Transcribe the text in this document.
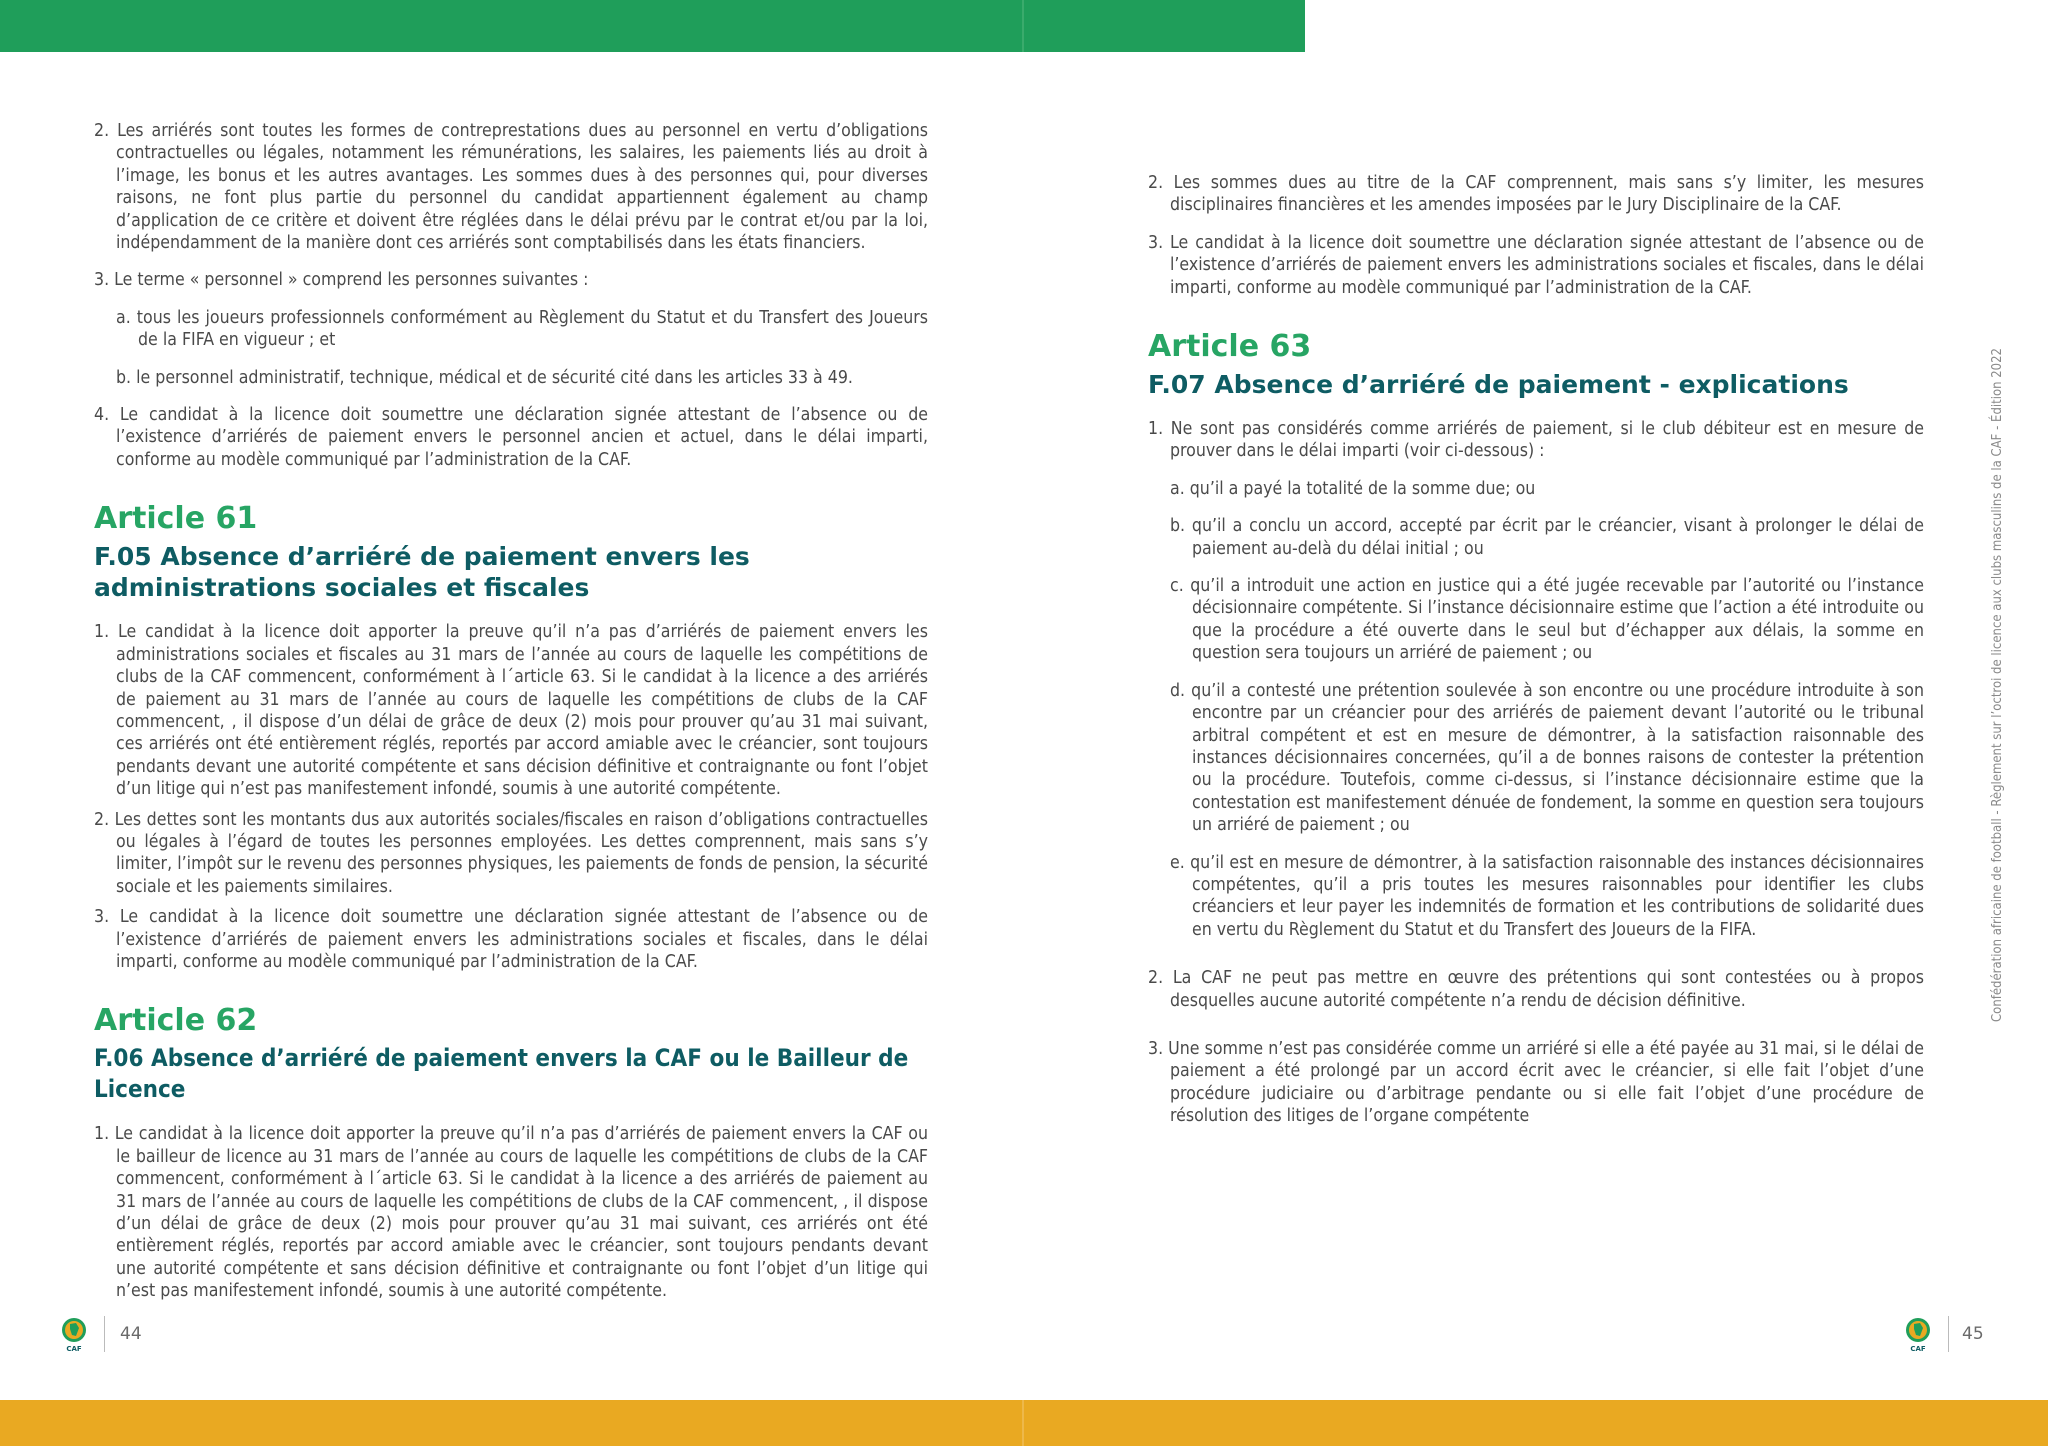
2. Les arriérés sont toutes les formes de contreprestations dues au personnel en vertu d’obligations contractuelles ou légales, notamment les rémunérations, les salaires, les paiements liés au droit à l’image, les bonus et les autres avantages. Les sommes dues à des personnes qui, pour diverses raisons, ne font plus partie du personnel du candidat appartiennent également au champ d’application de ce critère et doivent être réglées dans le délai prévu par le contrat et/ou par la loi, indépendamment de la manière dont ces arriérés sont comptabilisés dans les états financiers.

3. Le terme « personnel » comprend les personnes suivantes :

a. tous les joueurs professionnels conformément au Règlement du Statut et du Transfert des Joueurs de la FIFA en vigueur ; et

b. le personnel administratif, technique, médical et de sécurité cité dans les articles 33 à 49.

4. Le candidat à la licence doit soumettre une déclaration signée attestant de l’absence ou de l’existence d’arriérés de paiement envers le personnel ancien et actuel, dans le délai imparti, conforme au modèle communiqué par l’administration de la CAF.

Article 61
F.05 Absence d’arriéré de paiement envers les administrations sociales et fiscales

1. Le candidat à la licence doit apporter la preuve qu’il n’a pas d’arriérés de paiement envers les administrations sociales et fiscales au 31 mars de l’année au cours de laquelle les compétitions de clubs de la CAF commencent, conformément à l´article 63. Si le candidat à la licence a des arriérés de paiement au 31 mars de l’année au cours de laquelle les compétitions de clubs de la CAF commencent, , il dispose d’un délai de grâce de deux (2) mois pour prouver qu’au 31 mai suivant, ces arriérés ont été entièrement réglés, reportés par accord amiable avec le créancier, sont toujours pendants devant une autorité compétente et sans décision définitive et contraignante ou font l’objet d’un litige qui n’est pas manifestement infondé, soumis à une autorité compétente.

2. Les dettes sont les montants dus aux autorités sociales/fiscales en raison d’obligations contractuelles ou légales à l’égard de toutes les personnes employées. Les dettes comprennent, mais sans s’y limiter, l’impôt sur le revenu des personnes physiques, les paiements de fonds de pension, la sécurité sociale et les paiements similaires.

3. Le candidat à la licence doit soumettre une déclaration signée attestant de l’absence ou de l’existence d’arriérés de paiement envers les administrations sociales et fiscales, dans le délai imparti, conforme au modèle communiqué par l’administration de la CAF.

Article 62
F.06 Absence d’arriéré de paiement envers la CAF ou le Bailleur de Licence

1. Le candidat à la licence doit apporter la preuve qu’il n’a pas d’arriérés de paiement envers la CAF ou le bailleur de licence au 31 mars de l’année au cours de laquelle les compétitions de clubs de la CAF commencent, conformément à l´article 63. Si le candidat à la licence a des arriérés de paiement au 31 mars de l’année au cours de laquelle les compétitions de clubs de la CAF commencent, , il dispose d’un délai de grâce de deux (2) mois pour prouver qu’au 31 mai suivant, ces arriérés ont été entièrement réglés, reportés par accord amiable avec le créancier, sont toujours pendants devant une autorité compétente et sans décision définitive et contraignante ou font l’objet d’un litige qui n’est pas manifestement infondé, soumis à une autorité compétente.

2. Les sommes dues au titre de la CAF comprennent, mais sans s’y limiter, les mesures disciplinaires financières et les amendes imposées par le Jury Disciplinaire de la CAF.

3. Le candidat à la licence doit soumettre une déclaration signée attestant de l’absence ou de l’existence d’arriérés de paiement envers les administrations sociales et fiscales, dans le délai imparti, conforme au modèle communiqué par l’administration de la CAF.

Article 63
F.07 Absence d’arriéré de paiement - explications

1. Ne sont pas considérés comme arriérés de paiement, si le club débiteur est en mesure de prouver dans le délai imparti (voir ci-dessous) :

a. qu’il a payé la totalité de la somme due; ou

b. qu’il a conclu un accord, accepté par écrit par le créancier, visant à prolonger le délai de paiement au-delà du délai initial ; ou

c. qu’il a introduit une action en justice qui a été jugée recevable par l’autorité ou l’instance décisionnaire compétente. Si l’instance décisionnaire estime que l’action a été introduite ou que la procédure a été ouverte dans le seul but d’échapper aux délais, la somme en question sera toujours un arriéré de paiement ; ou

d. qu’il a contesté une prétention soulevée à son encontre ou une procédure introduite à son encontre par un créancier pour des arriérés de paiement devant l’autorité ou le tribunal arbitral compétent et est en mesure de démontrer, à la satisfaction raisonnable des instances décisionnaires concernées, qu’il a de bonnes raisons de contester la prétention ou la procédure. Toutefois, comme ci-dessus, si l’instance décisionnaire estime que la contestation est manifestement dénuée de fondement, la somme en question sera toujours un arriéré de paiement ; ou

e. qu’il est en mesure de démontrer, à la satisfaction raisonnable des instances décisionnaires compétentes, qu’il a pris toutes les mesures raisonnables pour identifier les clubs créanciers et leur payer les indemnités de formation et les contributions de solidarité dues en vertu du Règlement du Statut et du Transfert des Joueurs de la FIFA.

2. La CAF ne peut pas mettre en œuvre des prétentions qui sont contestées ou à propos desquelles aucune autorité compétente n’a rendu de décision définitive.

3. Une somme n’est pas considérée comme un arriéré si elle a été payée au 31 mai, si le délai de paiement a été prolongé par un accord écrit avec le créancier, si elle fait l’objet d’une procédure judiciaire ou d’arbitrage pendante ou si elle fait l’objet d’une procédure de résolution des litiges de l’organe compétente

Confédération africaine de football - Règlement sur l’octroi de licence aux clubs masculins de la CAF - Édition 2022
CAF
44
CAF
45
